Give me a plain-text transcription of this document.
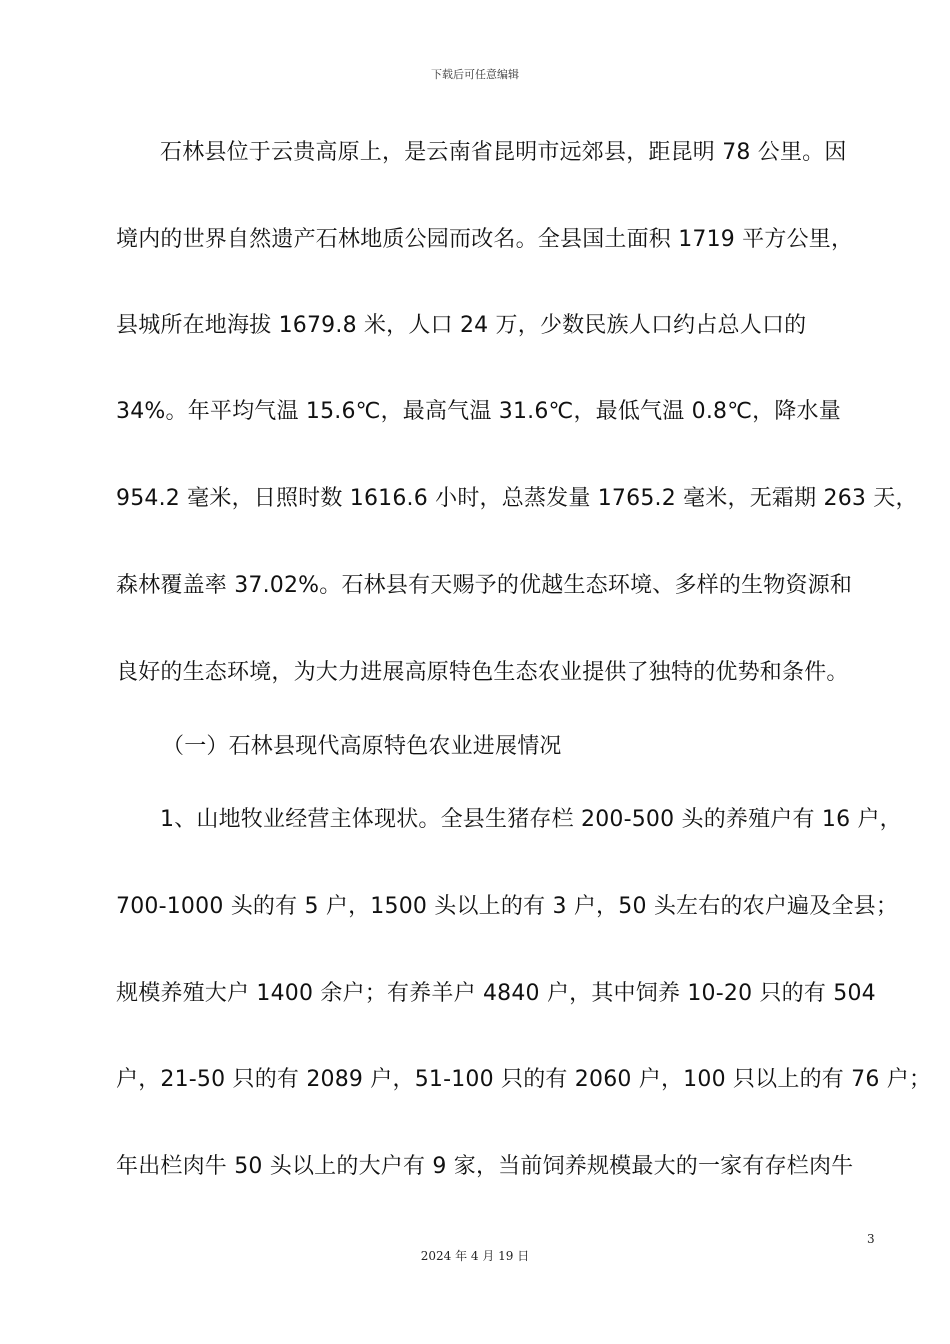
下载后可任意编辑
石林县位于云贵高原上，是云南省昆明市远郊县，距昆明 78 公里。因
境内的世界自然遗产石林地质公园而改名。全县国土面积 1719 平方公里，
县城所在地海拔 1679.8 米，人口 24 万，少数民族人口约占总人口的
34%。年平均气温 15.6℃，最高气温 31.6℃，最低气温 0.8℃，降水量
954.2 毫米，日照时数 1616.6 小时，总蒸发量 1765.2 毫米，无霜期 263 天，
森林覆盖率 37.02%。石林县有天赐予的优越生态环境、多样的生物资源和
良好的生态环境，为大力进展高原特色生态农业提供了独特的优势和条件。
（一）石林县现代高原特色农业进展情况
1、山地牧业经营主体现状。全县生猪存栏 200-500 头的养殖户有 16 户，
700-1000 头的有 5 户，1500 头以上的有 3 户，50 头左右的农户遍及全县；
规模养殖大户 1400 余户；有养羊户 4840 户，其中饲养 10-20 只的有 504
户，21-50 只的有 2089 户，51-100 只的有 2060 户，100 只以上的有 76 户；
年出栏肉牛 50 头以上的大户有 9 家，当前饲养规模最大的一家有存栏肉牛
3
2024 年 4 月 19 日
